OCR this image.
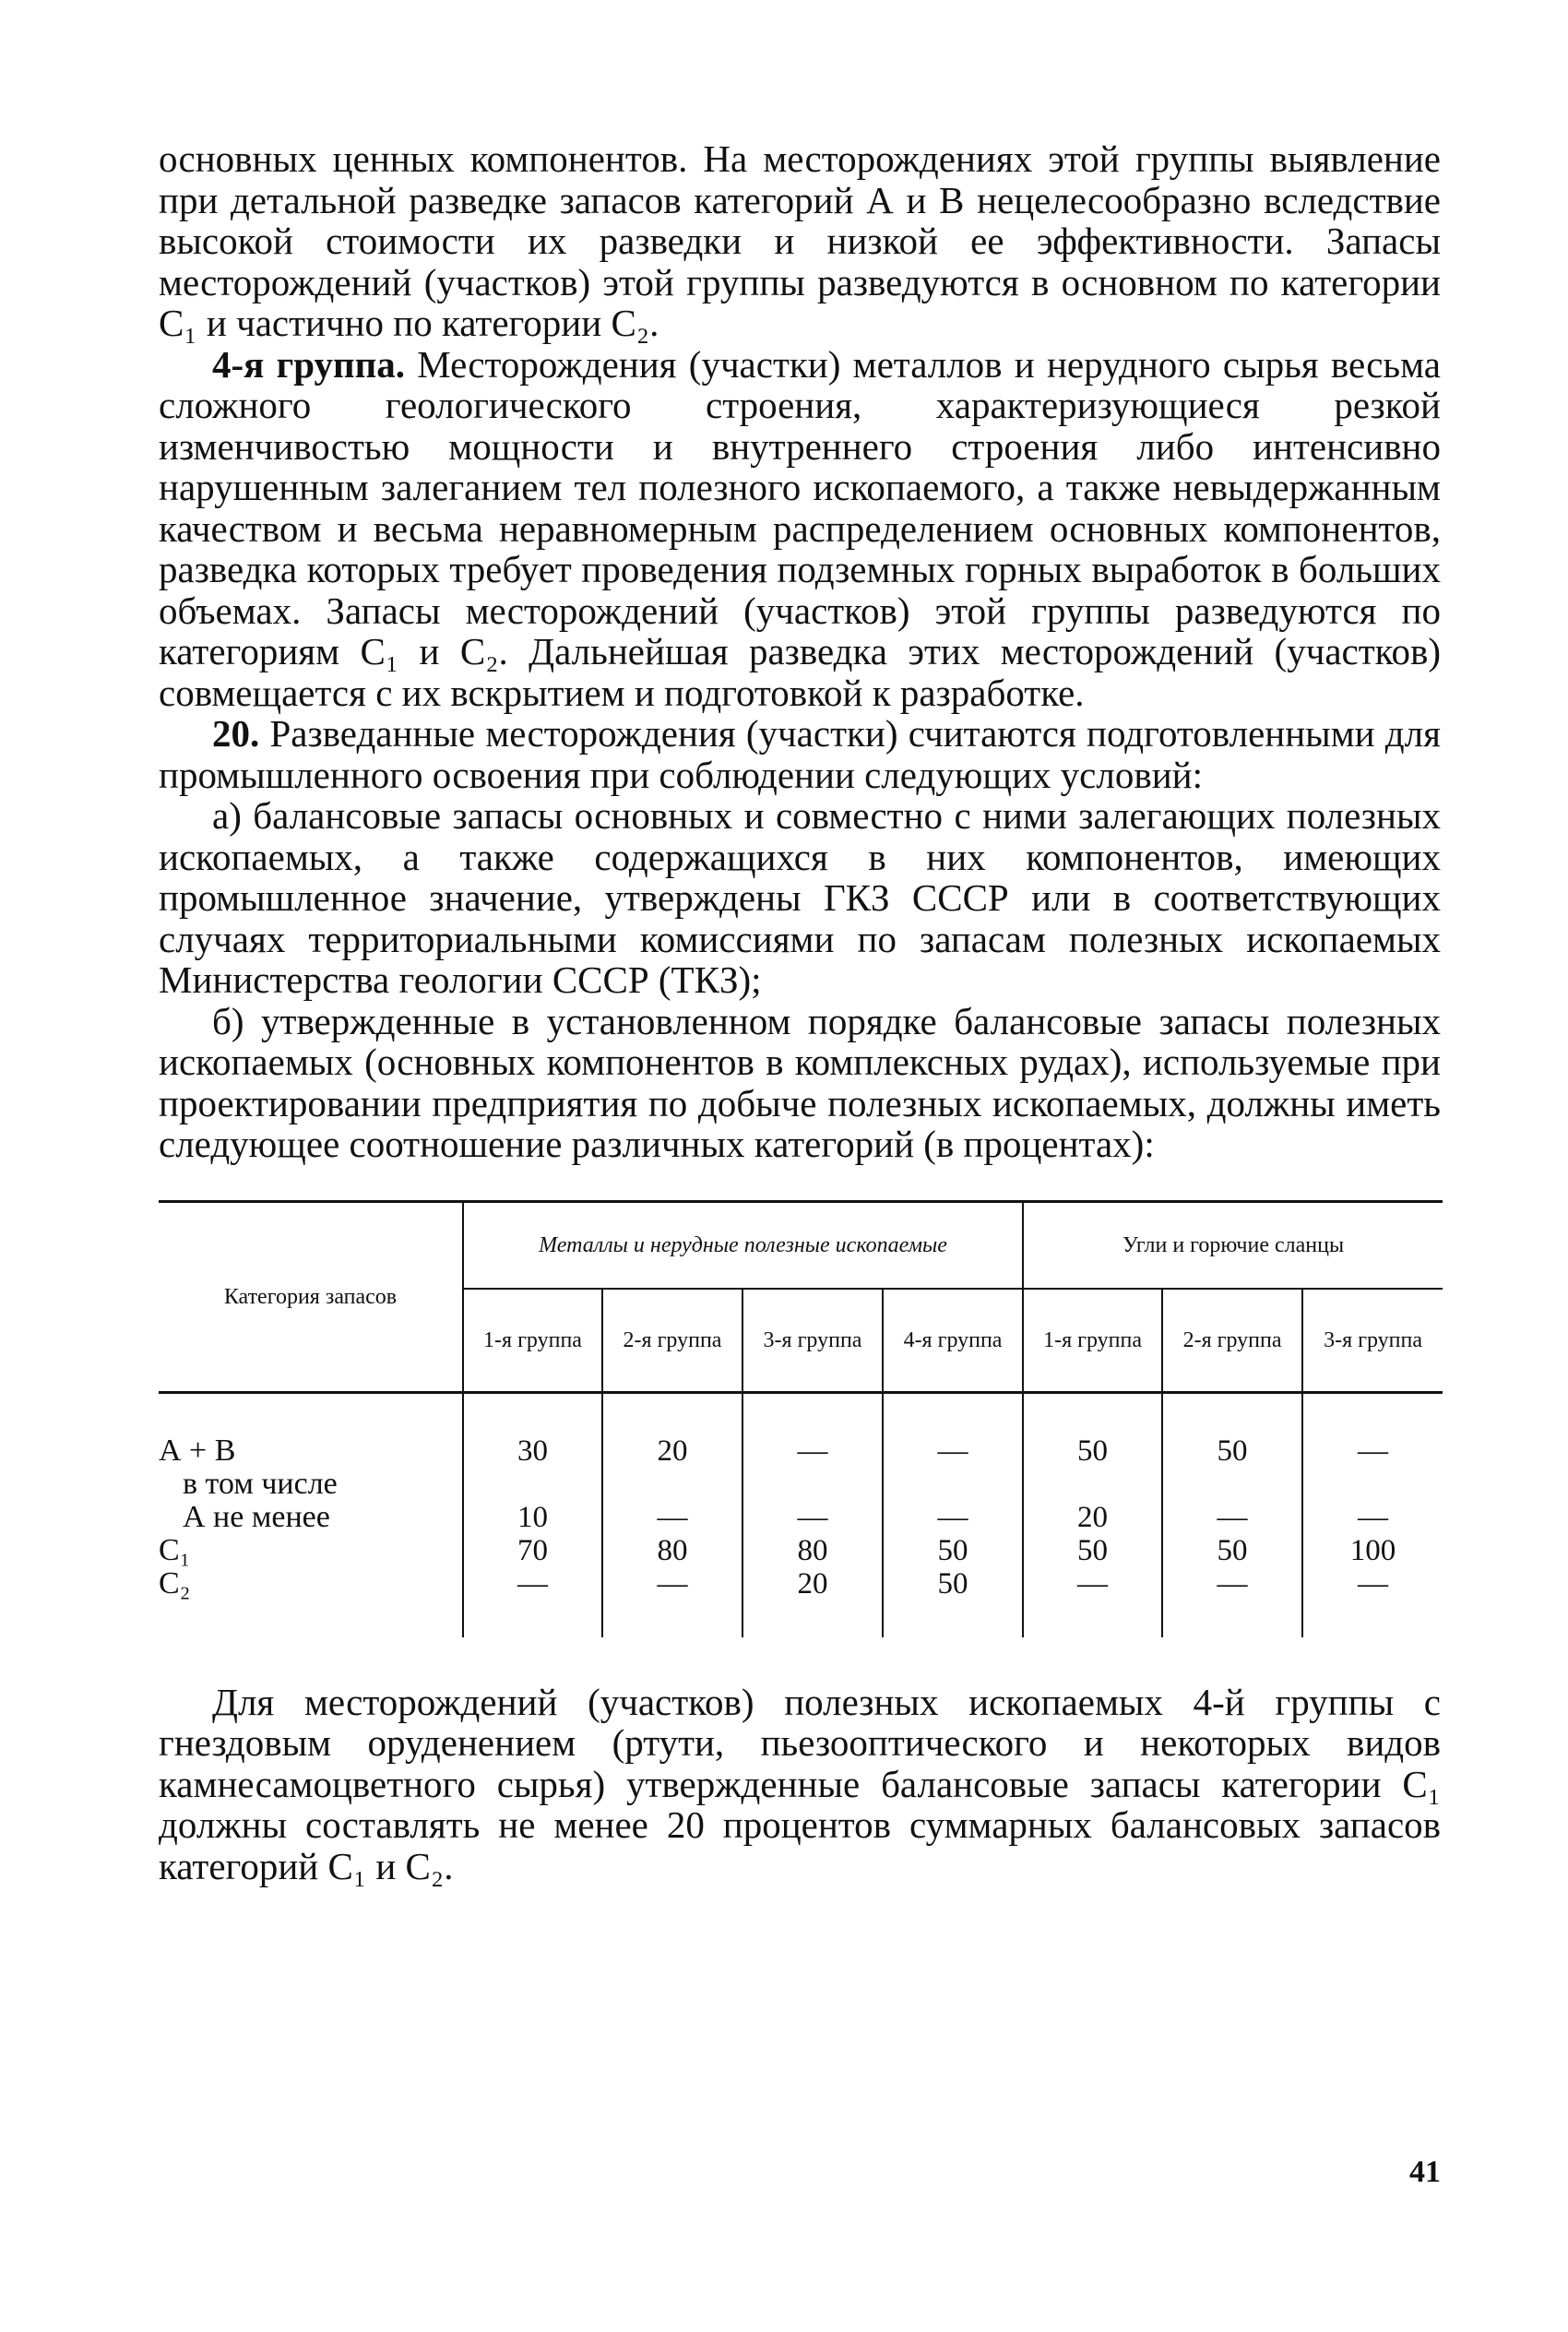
основных ценных компонентов. На месторождениях этой группы выявление при детальной разведке запасов категорий А и В нецелесообразно вследствие высокой стоимости их разведки и низкой ее эффективности. Запасы месторождений (участков) этой группы разведуются в основном по категории C₁ и частично по категории C₂.

4-я группа. Месторождения (участки) металлов и нерудного сырья весьма сложного геологического строения, характеризующиеся резкой изменчивостью мощности и внутреннего строения либо интенсивно нарушенным залеганием тел полезного ископаемого, а также невыдержанным качеством и весьма неравномерным распределением основных компонентов, разведка которых требует проведения подземных горных выработок в больших объемах. Запасы месторождений (участков) этой группы разведуются по категориям C₁ и C₂. Дальнейшая разведка этих месторождений (участков) совмещается с их вскрытием и подготовкой к разработке.

20. Разведанные месторождения (участки) считаются подготовленными для промышленного освоения при соблюдении следующих условий:

а) балансовые запасы основных и совместно с ними залегающих полезных ископаемых, а также содержащихся в них компонентов, имеющих промышленное значение, утверждены ГКЗ СССР или в соответствующих случаях территориальными комиссиями по запасам полезных ископаемых Министерства геологии СССР (ТКЗ);

б) утвержденные в установленном порядке балансовые запасы полезных ископаемых (основных компонентов в комплексных рудах), используемые при проектировании предприятия по добыче полезных ископаемых, должны иметь следующее соотношение различных категорий (в процентах):

Категория запасов	Металлы и нерудные полезные ископаемые				Угли и горючие сланцы		
	1-я группа	2-я группа	3-я группа	4-я группа	1-я группа	2-я группа	3-я группа

А + В	30	20	—	—	50	50	—
в том числе							
А не менее	10	—	—	—	20	—	—
C₁	70	80	80	50	50	50	100
C₂	—	—	20	50	—	—	—

Для месторождений (участков) полезных ископаемых 4-й группы с гнездовым оруденением (ртути, пьезооптического и некоторых видов камнесамоцветного сырья) утвержденные балансовые запасы категории C₁ должны составлять не менее 20 процентов суммарных балансовых запасов категорий C₁ и C₂.

41
